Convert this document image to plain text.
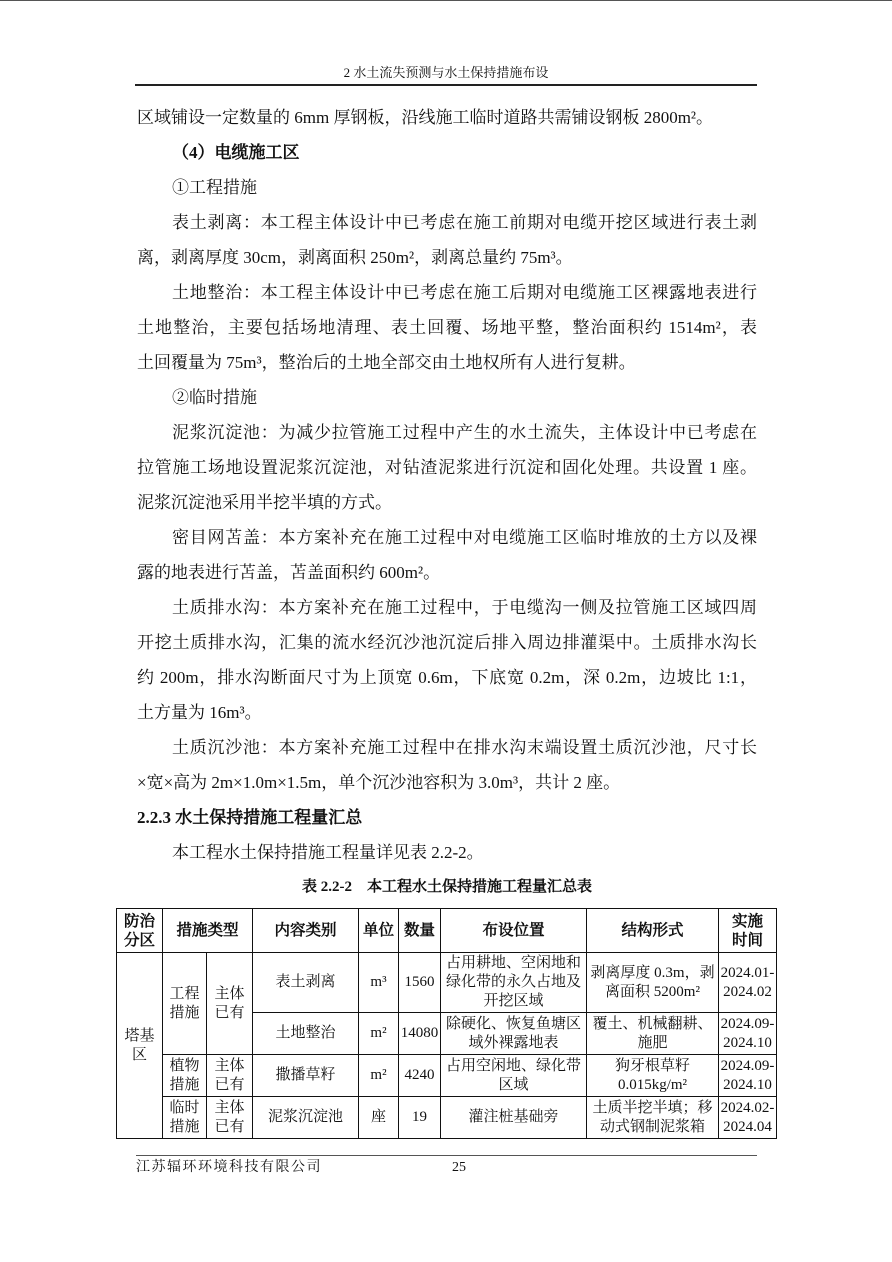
2 水土流失预测与水土保持措施布设
区域铺设一定数量的 6mm 厚钢板，沿线施工临时道路共需铺设钢板 2800m²。
（4）电缆施工区
①工程措施
表土剥离：本工程主体设计中已考虑在施工前期对电缆开挖区域进行表土剥
离，剥离厚度 30cm，剥离面积 250m²，剥离总量约 75m³。
土地整治：本工程主体设计中已考虑在施工后期对电缆施工区裸露地表进行
土地整治，主要包括场地清理、表土回覆、场地平整，整治面积约 1514m²，表
土回覆量为 75m³，整治后的土地全部交由土地权所有人进行复耕。
②临时措施
泥浆沉淀池：为减少拉管施工过程中产生的水土流失，主体设计中已考虑在
拉管施工场地设置泥浆沉淀池，对钻渣泥浆进行沉淀和固化处理。共设置 1 座。
泥浆沉淀池采用半挖半填的方式。
密目网苫盖：本方案补充在施工过程中对电缆施工区临时堆放的土方以及裸
露的地表进行苫盖，苫盖面积约 600m²。
土质排水沟：本方案补充在施工过程中，于电缆沟一侧及拉管施工区域四周
开挖土质排水沟，汇集的流水经沉沙池沉淀后排入周边排灌渠中。土质排水沟长
约 200m，排水沟断面尺寸为上顶宽 0.6m，下底宽 0.2m，深 0.2m，边坡比 1:1，
土方量为 16m³。
土质沉沙池：本方案补充施工过程中在排水沟末端设置土质沉沙池，尺寸长
×宽×高为 2m×1.0m×1.5m，单个沉沙池容积为 3.0m³，共计 2 座。
2.2.3 水土保持措施工程量汇总
本工程水土保持措施工程量详见表 2.2-2。
表 2.2-2　本工程水土保持措施工程量汇总表
防治分区	措施类型		内容类别	单位	数量	布设位置	结构形式	实施时间
塔基区	工程措施	主体已有	表土剥离	m³	1560	占用耕地、空闲地和绿化带的永久占地及开挖区域	剥离厚度 0.3m，剥离面积 5200m²	2024.01-2024.02
			土地整治	m²	14080	除硬化、恢复鱼塘区域外裸露地表	覆土、机械翻耕、施肥	2024.09-2024.10
	植物措施	主体已有	撒播草籽	m²	4240	占用空闲地、绿化带区域	狗牙根草籽 0.015kg/m²	2024.09-2024.10
	临时措施	主体已有	泥浆沉淀池	座	19	灌注桩基础旁	土质半挖半填；移动式钢制泥浆箱	2024.02-2024.04
江苏辐环环境科技有限公司	25
